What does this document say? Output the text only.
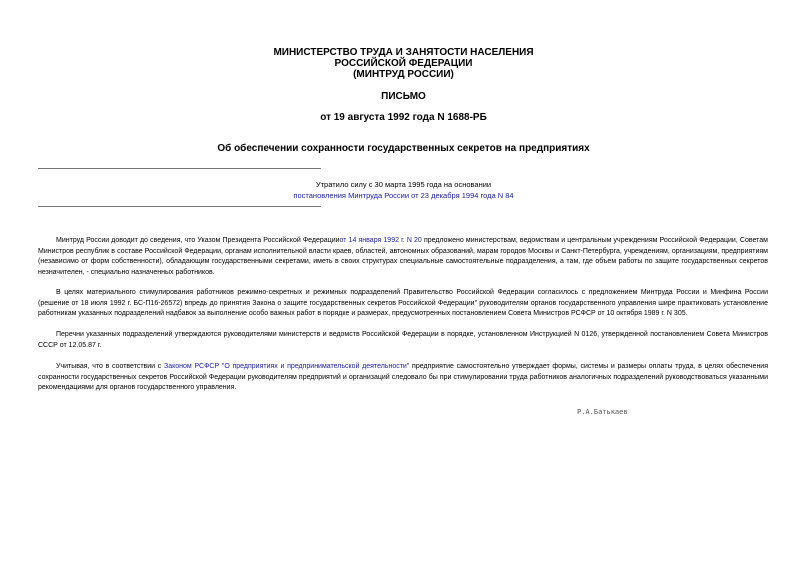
МИНИСТЕРСТВО ТРУДА И ЗАНЯТОСТИ НАСЕЛЕНИЯ
РОССИЙСКОЙ ФЕДЕРАЦИИ
(МИНТРУД РОССИИ)
ПИСЬМО
от 19 августа 1992 года N 1688-РБ
Об обеспечении сохранности государственных секретов на предприятиях
Утратило силу с 30 марта 1995 года на основании
постановления Минтруда России от 23 декабря 1994 года N 84
Минтруд России доводит до сведения, что Указом Президента Российской Федерацииот 14 января 1992 г. N 20 предложено министерствам, ведомствам и центральным учреждениям Российской Федерации, Советам Министров республик в составе Российской Федерации, органам исполнительной власти краев, областей, автономных образований, марам городов Москвы и Санкт-Петербурга, учреждениям, организациям, предприятиям (независимо от форм собственности), обладающим государственными секретами, иметь в своих структурах специальные самостоятельные подразделения, а там, где объем работы по защите государственных секретов незначителен, - специально назначенных работников.
В целях материального стимулирования работников режимно-секретных и режимных подразделений Правительство Российской Федерации согласилось с предложением Минтруда России и Минфина России (решение от 18 июля 1992 г. БС-П16-26572) впредь до принятия Закона о защите государственных секретов Российской Федерации" руководителям органов государственного управления шире практиковать установление работникам указанных подразделений надбавок за выполнение особо важных работ в порядке и размерах, предусмотренных постановлением Совета Министров РСФСР от 10 октября 1989 г. N 305.
Перечни указанных подразделений утверждаются руководителями министерств и ведомств Российской Федерации в порядке, установленном Инструкцией N 0126, утвержденной постановлением Совета Министров СССР от 12.05.87 г.
Учитывая, что в соответствии с Законом РСФСР "О предприятиях и предпринимательской деятельности" предприятие самостоятельно утверждает формы, системы и размеры оплаты труда, в целях обеспечения сохранности государственных секретов Российской Федерации руководителям предприятий и организаций следовало бы при стимулировании труда работников аналогичных подразделений руководствоваться указанными рекомендациями для органов государственного управления.
Р.А.Батькаев
